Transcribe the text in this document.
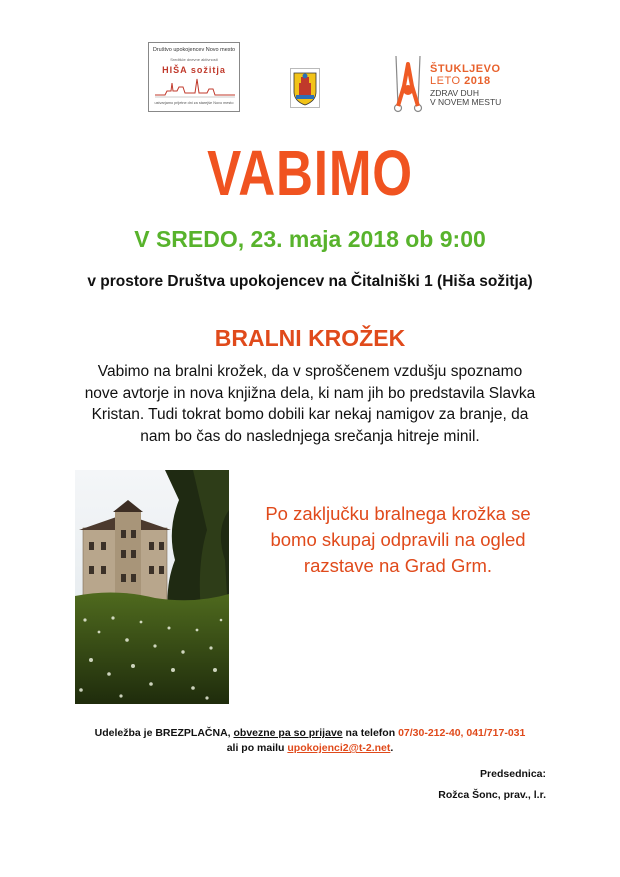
Društvo upokojencev Novo mesto
Središče dnevne aktivnosti
HIŠA sožitja
ustvarjamo prijetne dni za starejše Novo mesto
ŠTUKLJEVO
LETO 2018
ZDRAV DUH
V NOVEM MESTU
VABIMO
V SREDO, 23. maja 2018 ob 9:00
v prostore Društva upokojencev na Čitalniški 1 (Hiša sožitja)
BRALNI KROŽEK
Vabimo na bralni krožek, da v sproščenem vzdušju spoznamo
nove avtorje in nova knjižna dela, ki nam jih bo predstavila Slavka
Kristan. Tudi tokrat bomo dobili kar nekaj namigov za branje, da
nam bo čas do naslednjega srečanja hitreje minil.
Po zaključku bralnega krožka se
bomo skupaj odpravili na ogled
razstave na Grad Grm.
Udeležba je BREZPLAČNA, obvezne pa so prijave na telefon 07/30-212-40, 041/717-031
ali po mailu upokojenci2@t-2.net.
Predsednica:
Rožca Šonc, prav., l.r.
